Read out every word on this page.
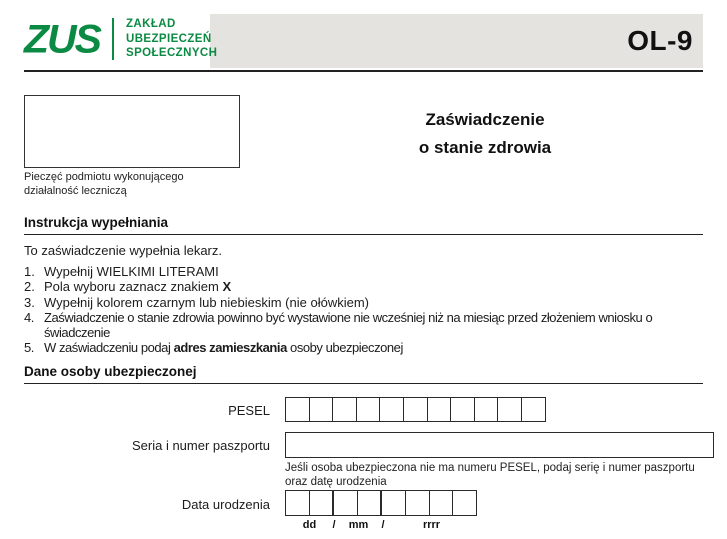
OL-9
ZUS	ZAKŁAD
UBEZPIECZEŃ
SPOŁECZNYCH
Pieczęć podmiotu wykonującego
działalność leczniczą
Zaświadczenie
o stanie zdrowia
Instrukcja wypełniania
To zaświadczenie wypełnia lekarz.
1. Wypełnij WIELKIMI LITERAMI
2. Pola wyboru zaznacz znakiem X
3. Wypełnij kolorem czarnym lub niebieskim (nie ołówkiem)
4. Zaświadczenie o stanie zdrowia powinno być wystawione nie wcześniej niż na miesiąc przed złożeniem wniosku o świadczenie
5. W zaświadczeniu podaj adres zamieszkania osoby ubezpieczonej
Dane osoby ubezpieczonej
PESEL
Seria i numer paszportu
Jeśli osoba ubezpieczona nie ma numeru PESEL, podaj serię i numer paszportu oraz datę urodzenia
Data urodzenia
dd	/	mm	/	rrrr
